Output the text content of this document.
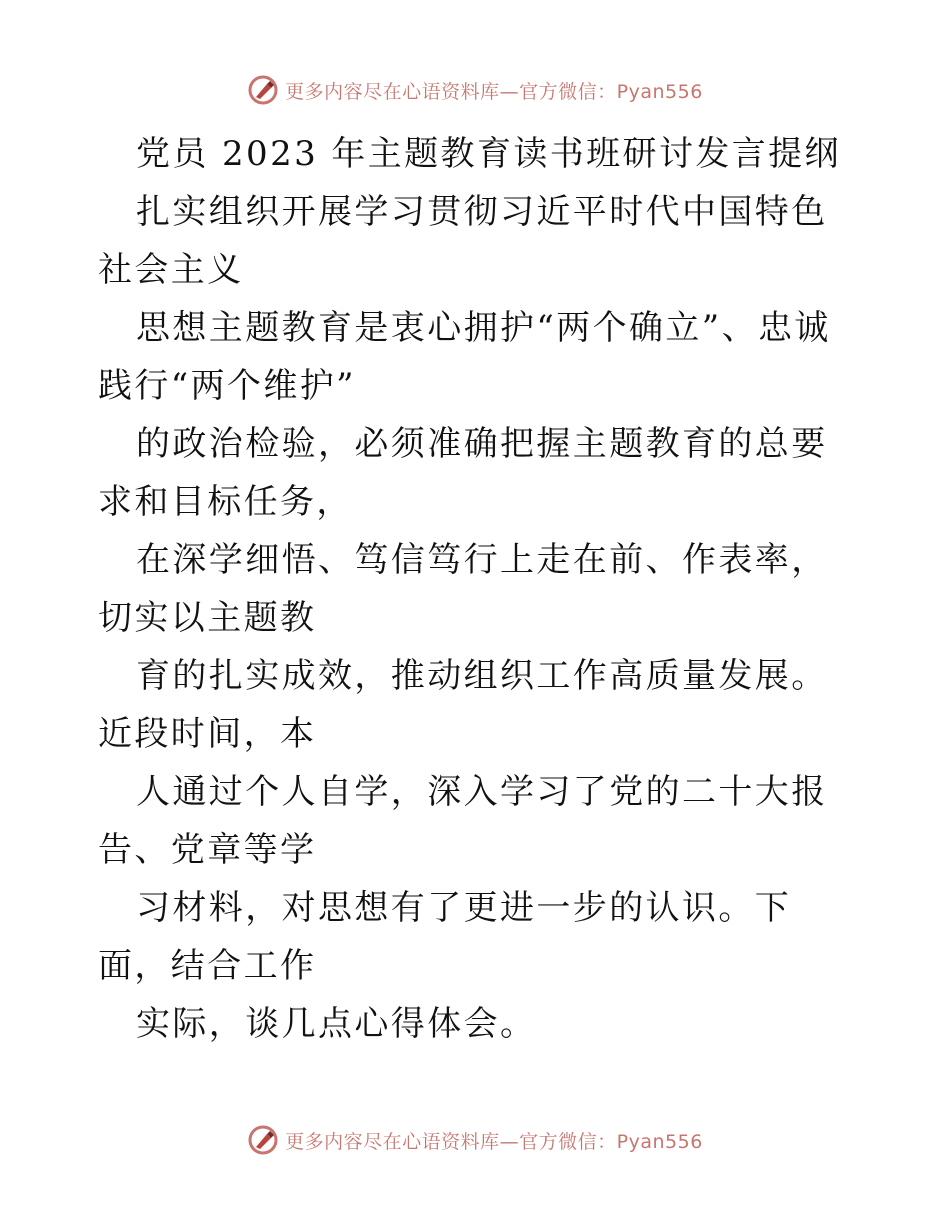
更多内容尽在心语资料库—官方微信：Pyan556

党员 2023 年主题教育读书班研讨发言提纲

扎实组织开展学习贯彻习近平时代中国特色社会主义

思想主题教育是衷心拥护“两个确立”、忠诚践行“两个维护”

的政治检验，必须准确把握主题教育的总要求和目标任务，

在深学细悟、笃信笃行上走在前、作表率，切实以主题教

育的扎实成效，推动组织工作高质量发展。近段时间，本

人通过个人自学，深入学习了党的二十大报告、党章等学

习材料，对思想有了更进一步的认识。下面，结合工作

实际，谈几点心得体会。

更多内容尽在心语资料库—官方微信：Pyan556
